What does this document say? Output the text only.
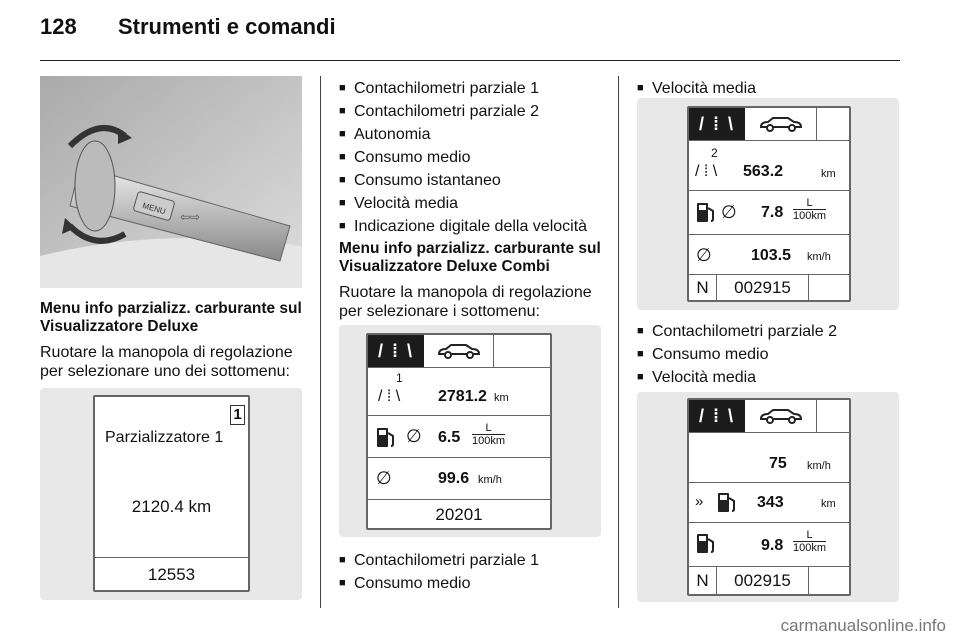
128 Strumenti e comandi
MENU
⇦⇨
Menu info parzializz. carburante sul Visualizzatore Deluxe
Ruotare la manopola di regolazione per selezionare uno dei sottomenu:
1
Parzializzatore 1
2120.4 km
12553
■ Contachilometri parziale 1
■ Contachilometri parziale 2
■ Autonomia
■ Consumo medio
■ Consumo istantaneo
■ Velocità media
■ Indicazione digitale della velocità
Menu info parzializz. carburante sul Visualizzatore Deluxe Combi
Ruotare la manopola di regolazione per selezionare i sottomenu:
/ ⁞ \
/ ⁞ \
1
2781.2 km
∅ $6.5 \frac{L}{100km}$
∅	99.6 km/h
20201
■ Contachilometri parziale 1
■ Consumo medio
■ Velocità media
/ ⁞ \
/ ⁞ \
2
563.2	km
∅ $7.8 \frac{L}{100km}$
∅ 103.5 km/h
N	002915
■ Contachilometri parziale 2
■ Consumo medio
■ Velocità media
/ ⁞ \
75 km/h
»	343	km
$9.8 \frac{L}{100km}$
N	002915
carmanualsonline.info
